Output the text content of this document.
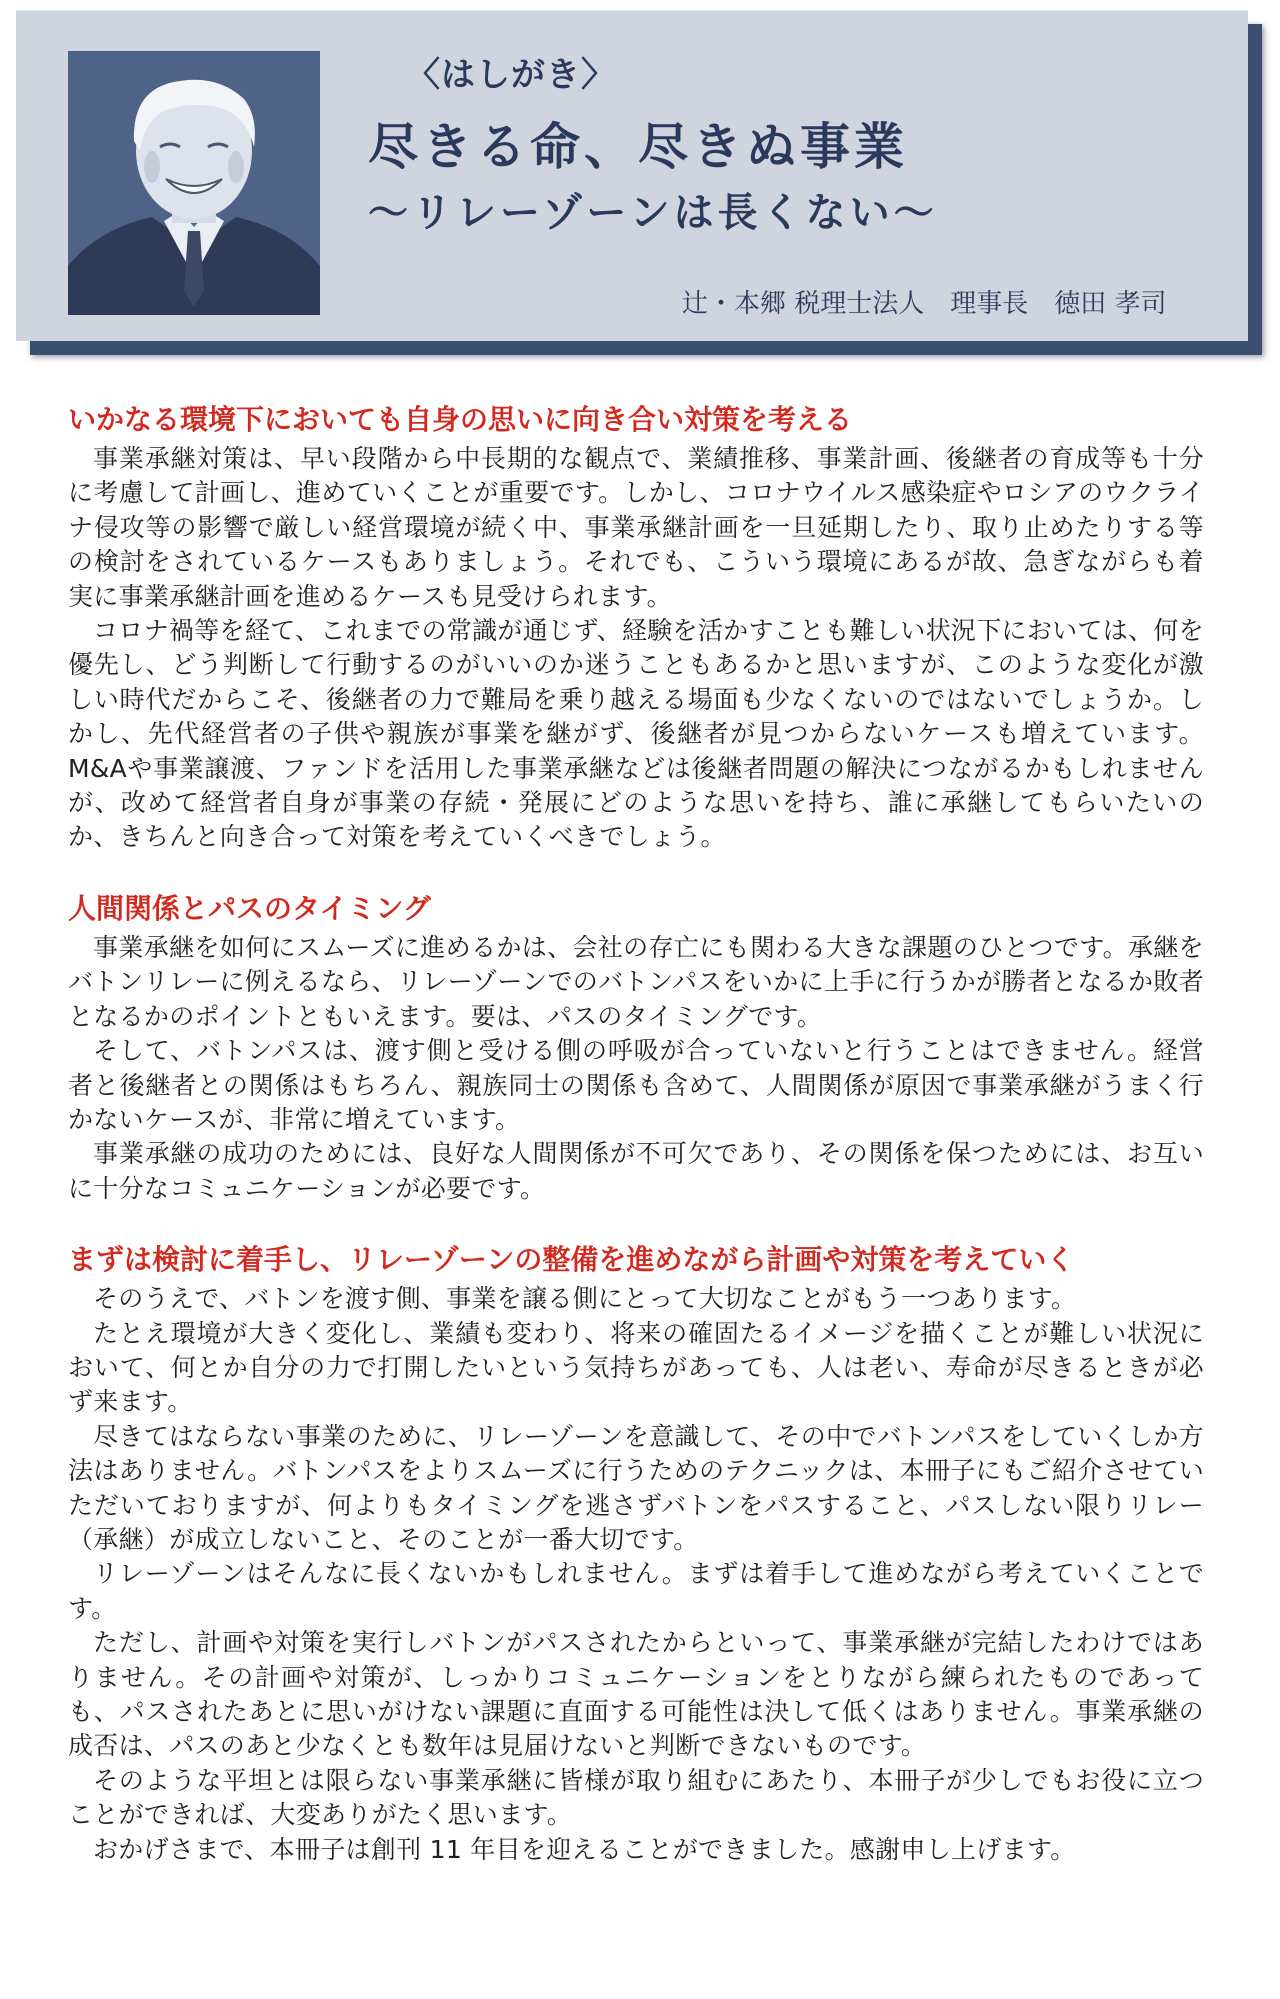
〈はしがき〉
尽きる命、尽きぬ事業
〜リレーゾーンは長くない〜
辻・本郷 税理士法人　理事長　徳田 孝司
いかなる環境下においても自身の思いに向き合い対策を考える

事業承継対策は、早い段階から中長期的な観点で、業績推移、事業計画、後継者の育成等も十分に考慮して計画し、進めていくことが重要です。しかし、コロナウイルス感染症やロシアのウクライナ侵攻等の影響で厳しい経営環境が続く中、事業承継計画を一旦延期したり、取り止めたりする等の検討をされているケースもありましょう。それでも、こういう環境にあるが故、急ぎながらも着実に事業承継計画を進めるケースも見受けられます。

コロナ禍等を経て、これまでの常識が通じず、経験を活かすことも難しい状況下においては、何を優先し、どう判断して行動するのがいいのか迷うこともあるかと思いますが、このような変化が激しい時代だからこそ、後継者の力で難局を乗り越える場面も少なくないのではないでしょうか。しかし、先代経営者の子供や親族が事業を継がず、後継者が見つからないケースも増えています。M&Aや事業譲渡、ファンドを活用した事業承継などは後継者問題の解決につながるかもしれませんが、改めて経営者自身が事業の存続・発展にどのような思いを持ち、誰に承継してもらいたいのか、きちんと向き合って対策を考えていくべきでしょう。

人間関係とパスのタイミング

事業承継を如何にスムーズに進めるかは、会社の存亡にも関わる大きな課題のひとつです。承継をバトンリレーに例えるなら、リレーゾーンでのバトンパスをいかに上手に行うかが勝者となるか敗者となるかのポイントともいえます。要は、パスのタイミングです。

そして、バトンパスは、渡す側と受ける側の呼吸が合っていないと行うことはできません。経営者と後継者との関係はもちろん、親族同士の関係も含めて、人間関係が原因で事業承継がうまく行かないケースが、非常に増えています。

事業承継の成功のためには、良好な人間関係が不可欠であり、その関係を保つためには、お互いに十分なコミュニケーションが必要です。

まずは検討に着手し、リレーゾーンの整備を進めながら計画や対策を考えていく

そのうえで、バトンを渡す側、事業を譲る側にとって大切なことがもう一つあります。

たとえ環境が大きく変化し、業績も変わり、将来の確固たるイメージを描くことが難しい状況において、何とか自分の力で打開したいという気持ちがあっても、人は老い、寿命が尽きるときが必ず来ます。

尽きてはならない事業のために、リレーゾーンを意識して、その中でバトンパスをしていくしか方法はありません。バトンパスをよりスムーズに行うためのテクニックは、本冊子にもご紹介させていただいておりますが、何よりもタイミングを逃さずバトンをパスすること、パスしない限りリレー（承継）が成立しないこと、そのことが一番大切です。

リレーゾーンはそんなに長くないかもしれません。まずは着手して進めながら考えていくことです。

ただし、計画や対策を実行しバトンがパスされたからといって、事業承継が完結したわけではありません。その計画や対策が、しっかりコミュニケーションをとりながら練られたものであっても、パスされたあとに思いがけない課題に直面する可能性は決して低くはありません。事業承継の成否は、パスのあと少なくとも数年は見届けないと判断できないものです。

そのような平坦とは限らない事業承継に皆様が取り組むにあたり、本冊子が少しでもお役に立つことができれば、大変ありがたく思います。

おかげさまで、本冊子は創刊 11 年目を迎えることができました。感謝申し上げます。
